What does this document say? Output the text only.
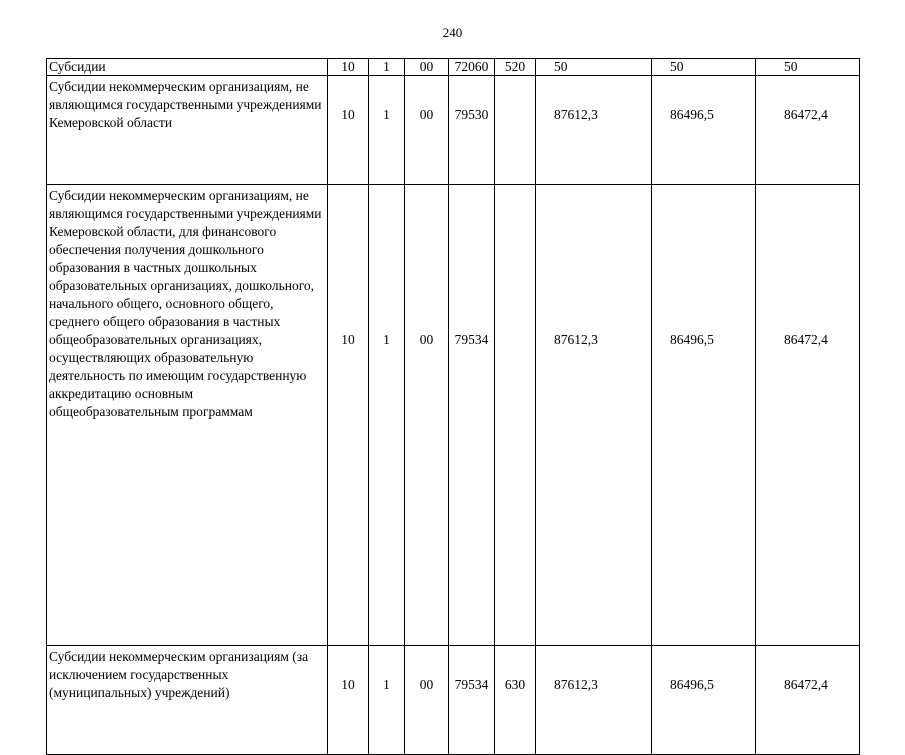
240
Субсидии	10	1	00	72060	520	50	50	50
Субсидии некоммерческим организациям, не являющимся государственными учреждениями Кемеровской области	10	1	00	79530		87612,3	86496,5	86472,4
Субсидии некоммерческим организациям, не являющимся государственными учреждениями Кемеровской области, для финансового обеспечения получения дошкольного образования в частных дошкольных образовательных организациях, дошкольного, начального общего, основного общего, среднего общего образования в частных общеобразовательных организациях, осуществляющих образовательную деятельность по имеющим государственную аккредитацию основным общеобразовательным программам	10	1	00	79534		87612,3	86496,5	86472,4
Субсидии некоммерческим организациям (за исключением государственных (муниципальных) учреждений)	10	1	00	79534	630	87612,3	86496,5	86472,4
